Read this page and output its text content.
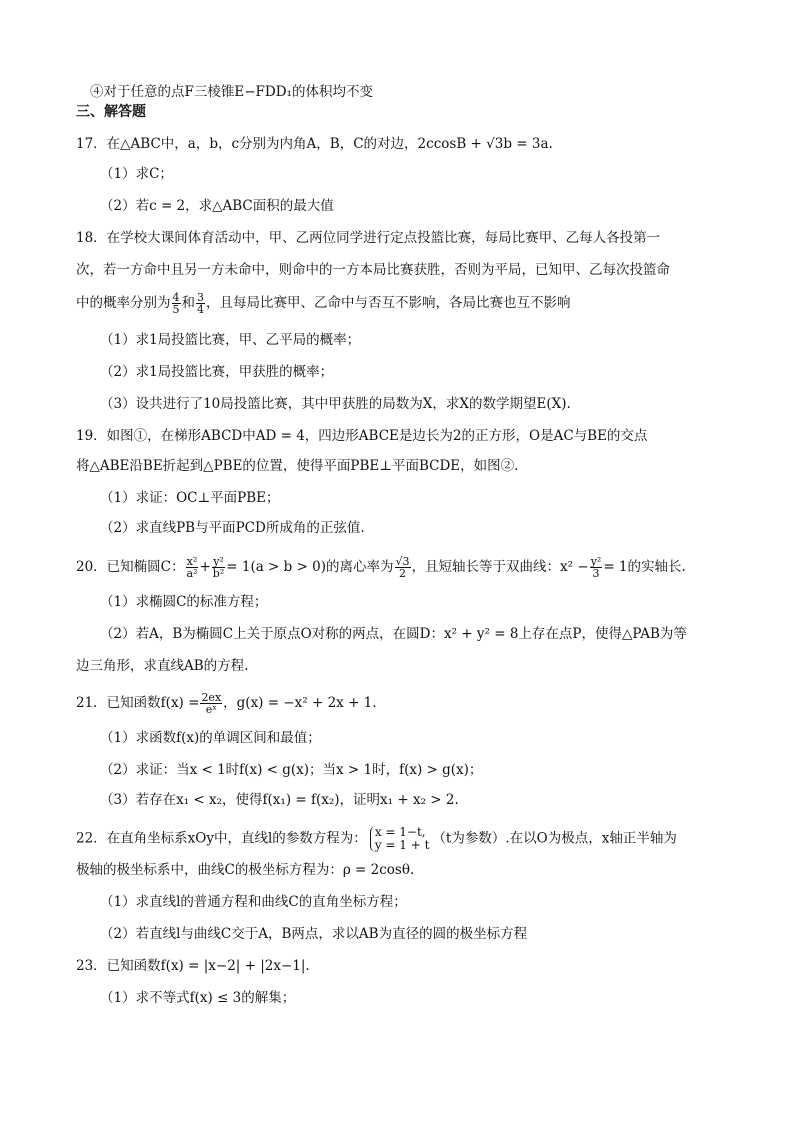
④对于任意的点F三棱锥E−FDD₁的体积均不变
三、解答题
17．在△ABC中，a，b，c分别为内角A，B，C的对边，2ccosB + √3b = 3a.
（1）求C；
（2）若c = 2，求△ABC面积的最大值
18．在学校大课间体育活动中，甲、乙两位同学进行定点投篮比赛，每局比赛甲、乙每人各投第一
次，若一方命中且另一方未命中，则命中的一方本局比赛获胜，否则为平局，已知甲、乙每次投篮命
中的概率分别为 $\frac{4}{5}$ 和 $\frac{3}{4}$ ，且每局比赛甲、乙命中与否互不影响，各局比赛也互不影响
（1）求1局投篮比赛，甲、乙平局的概率；
（2）求1局投篮比赛，甲获胜的概率；
（3）设共进行了10局投篮比赛，其中甲获胜的局数为X，求X的数学期望E(X).
19．如图①，在梯形ABCD中AD = 4，四边形ABCE是边长为2的正方形，O是AC与BE的交点
将△ABE沿BE折起到△PBE的位置，使得平面PBE⊥平面BCDE，如图②.
（1）求证：OC⊥平面PBE；
（2）求直线PB与平面PCD所成角的正弦值.
20．已知椭圆C： $\frac{\text{x²}}{\text{a²}} + \frac{\text{y²}}{\text{b²}} = 1(a > b > 0)$的离心率为 $\frac{√3}{2}$ ，且短轴长等于双曲线：$x^2 - \frac{\text{y²}}{3} = 1$的实轴长.
（1）求椭圆C的标准方程；
（2）若A，B为椭圆C上关于原点O对称的两点，在圆D：x² + y² = 8上存在点P，使得△PAB为等
边三角形，求直线AB的方程.
21．已知函数$f(x) = \frac{2ex}{\text{eˣ}}$ ，g(x) = −x² + 2x + 1.
（1）求函数f(x)的单调区间和最值；
（2）求证：当x < 1时f(x) < g(x)；当x > 1时，f(x) > g(x)；
（3）若存在x₁ < x₂，使得f(x₁) = f(x₂)，证明x₁ + x₂ > 2.
22．在直角坐标系xOy中，直线l的参数方程为： x = 1−t,
y = 1 + t （t为参数）.在以O为极点，x轴正半轴为
极轴的极坐标系中，曲线C的极坐标方程为：ρ = 2cosθ.
（1）求直线l的普通方程和曲线C的直角坐标方程；
（2）若直线l与曲线C交于A，B两点，求以AB为直径的圆的极坐标方程
23．已知函数f(x) = |x−2| + |2x−1|.
（1）求不等式f(x) ≤ 3的解集；
